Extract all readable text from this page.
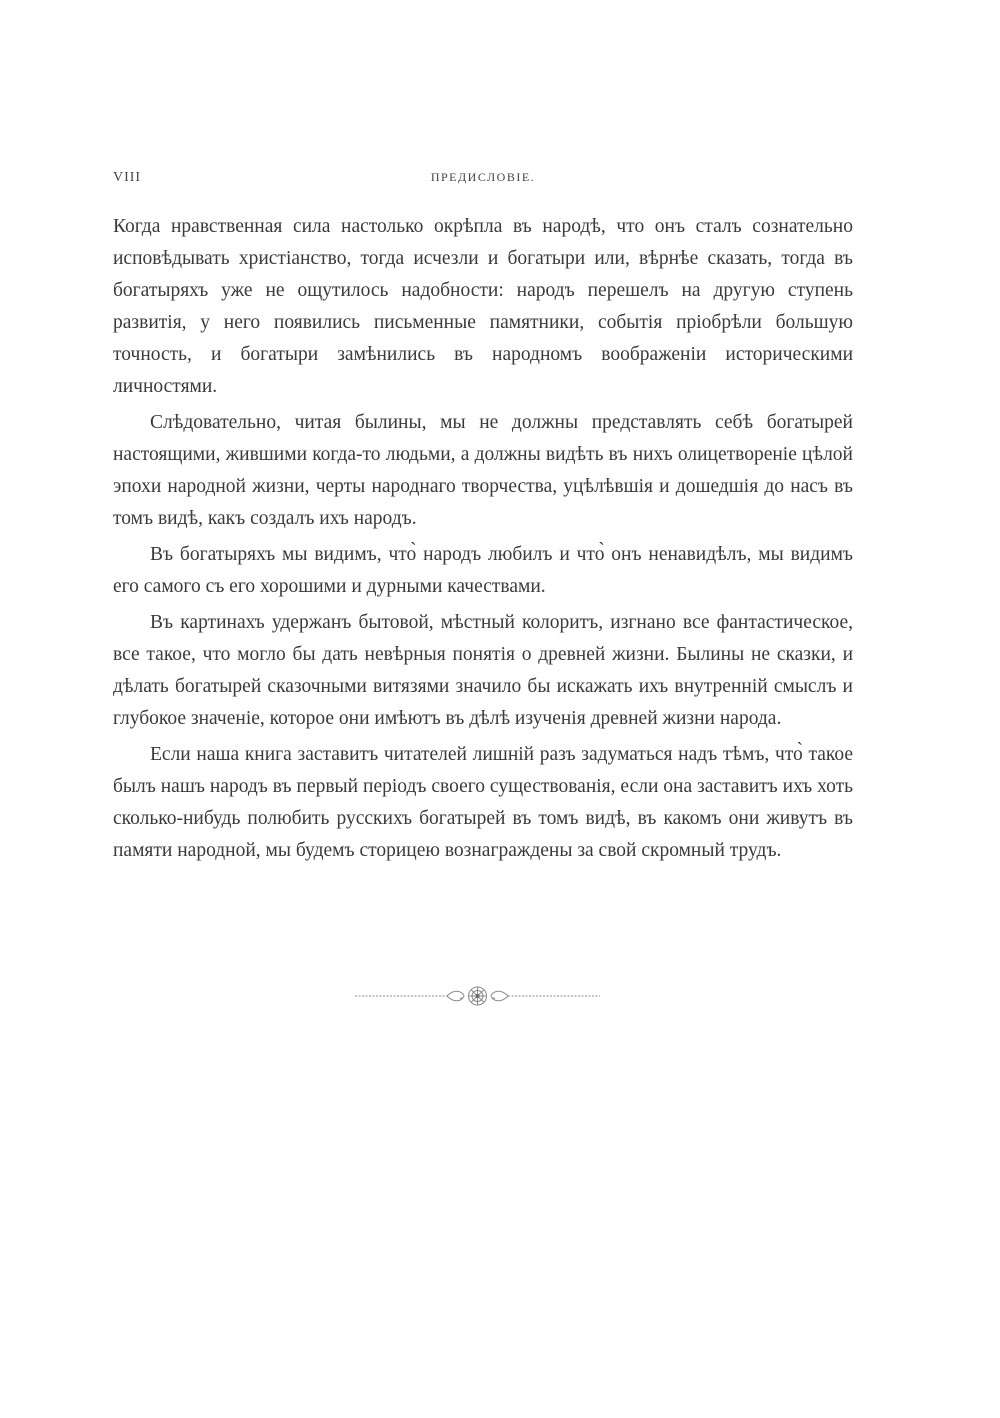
VIII	ПРЕДИСЛОВІЕ.

Когда нравственная сила настолько окрѣпла въ народѣ, что онъ сталъ сознательно исповѣдывать христіанство, тогда исчезли и богатыри или, вѣрнѣе сказать, тогда въ богатыряхъ уже не ощутилось надобности: народъ перешелъ на другую ступень развитія, у него появились письменные памятники, событія пріобрѣли большую точность, и богатыри замѣнились въ народномъ воображеніи историческими личностями.

Слѣдовательно, читая былины, мы не должны представлять себѣ богатырей настоящими, жившими когда-то людьми, а должны видѣть въ нихъ олицетвореніе цѣлой эпохи народной жизни, черты народнаго творчества, уцѣлѣвшія и дошедшія до насъ въ томъ видѣ, какъ создалъ ихъ народъ.

Въ богатыряхъ мы видимъ, что̀ народъ любилъ и что̀ онъ ненавидѣлъ, мы видимъ его самого съ его хорошими и дурными качествами.

Въ картинахъ удержанъ бытовой, мѣстный колоритъ, изгнано все фантастическое, все такое, что могло бы дать невѣрныя понятія о древней жизни. Былины не сказки, и дѣлать богатырей сказочными витязями значило бы искажать ихъ внутренній смыслъ и глубокое значеніе, которое они имѣютъ въ дѣлѣ изученія древней жизни народа.

Если наша книга заставитъ читателей лишній разъ задуматься надъ тѣмъ, что̀ такое былъ нашъ народъ въ первый періодъ своего существованія, если она заставитъ ихъ хоть сколько-нибудь полюбить русскихъ богатырей въ томъ видѣ, въ какомъ они живутъ въ памяти народной, мы будемъ сторицею вознаграждены за свой скромный трудъ.
